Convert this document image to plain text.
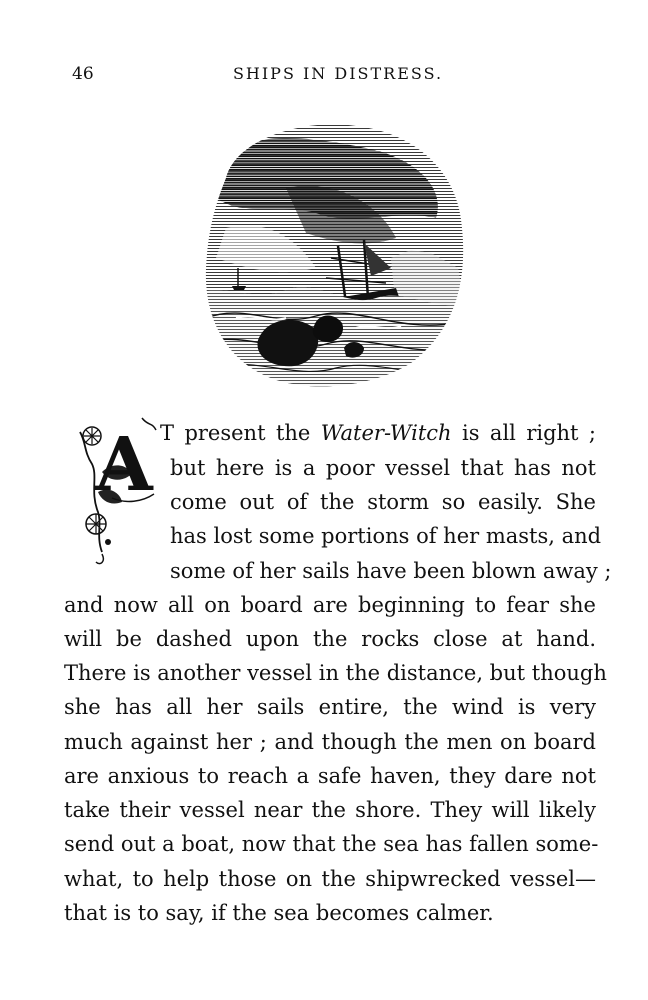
46	SHIPS IN DISTRESS.
A T present the Water-Witch is all right ;
but here is a poor vessel that has not
come out of the storm so easily. She
has lost some portions of her masts, and
some of her sails have been blown away ;
and now all on board are beginning to fear she
will be dashed upon the rocks close at hand.
There is another vessel in the distance, but though
she has all her sails entire, the wind is very
much against her ; and though the men on board
are anxious to reach a safe haven, they dare not
take their vessel near the shore. They will likely
send out a boat, now that the sea has fallen some-
what, to help those on the shipwrecked vessel—
that is to say, if the sea becomes calmer.
